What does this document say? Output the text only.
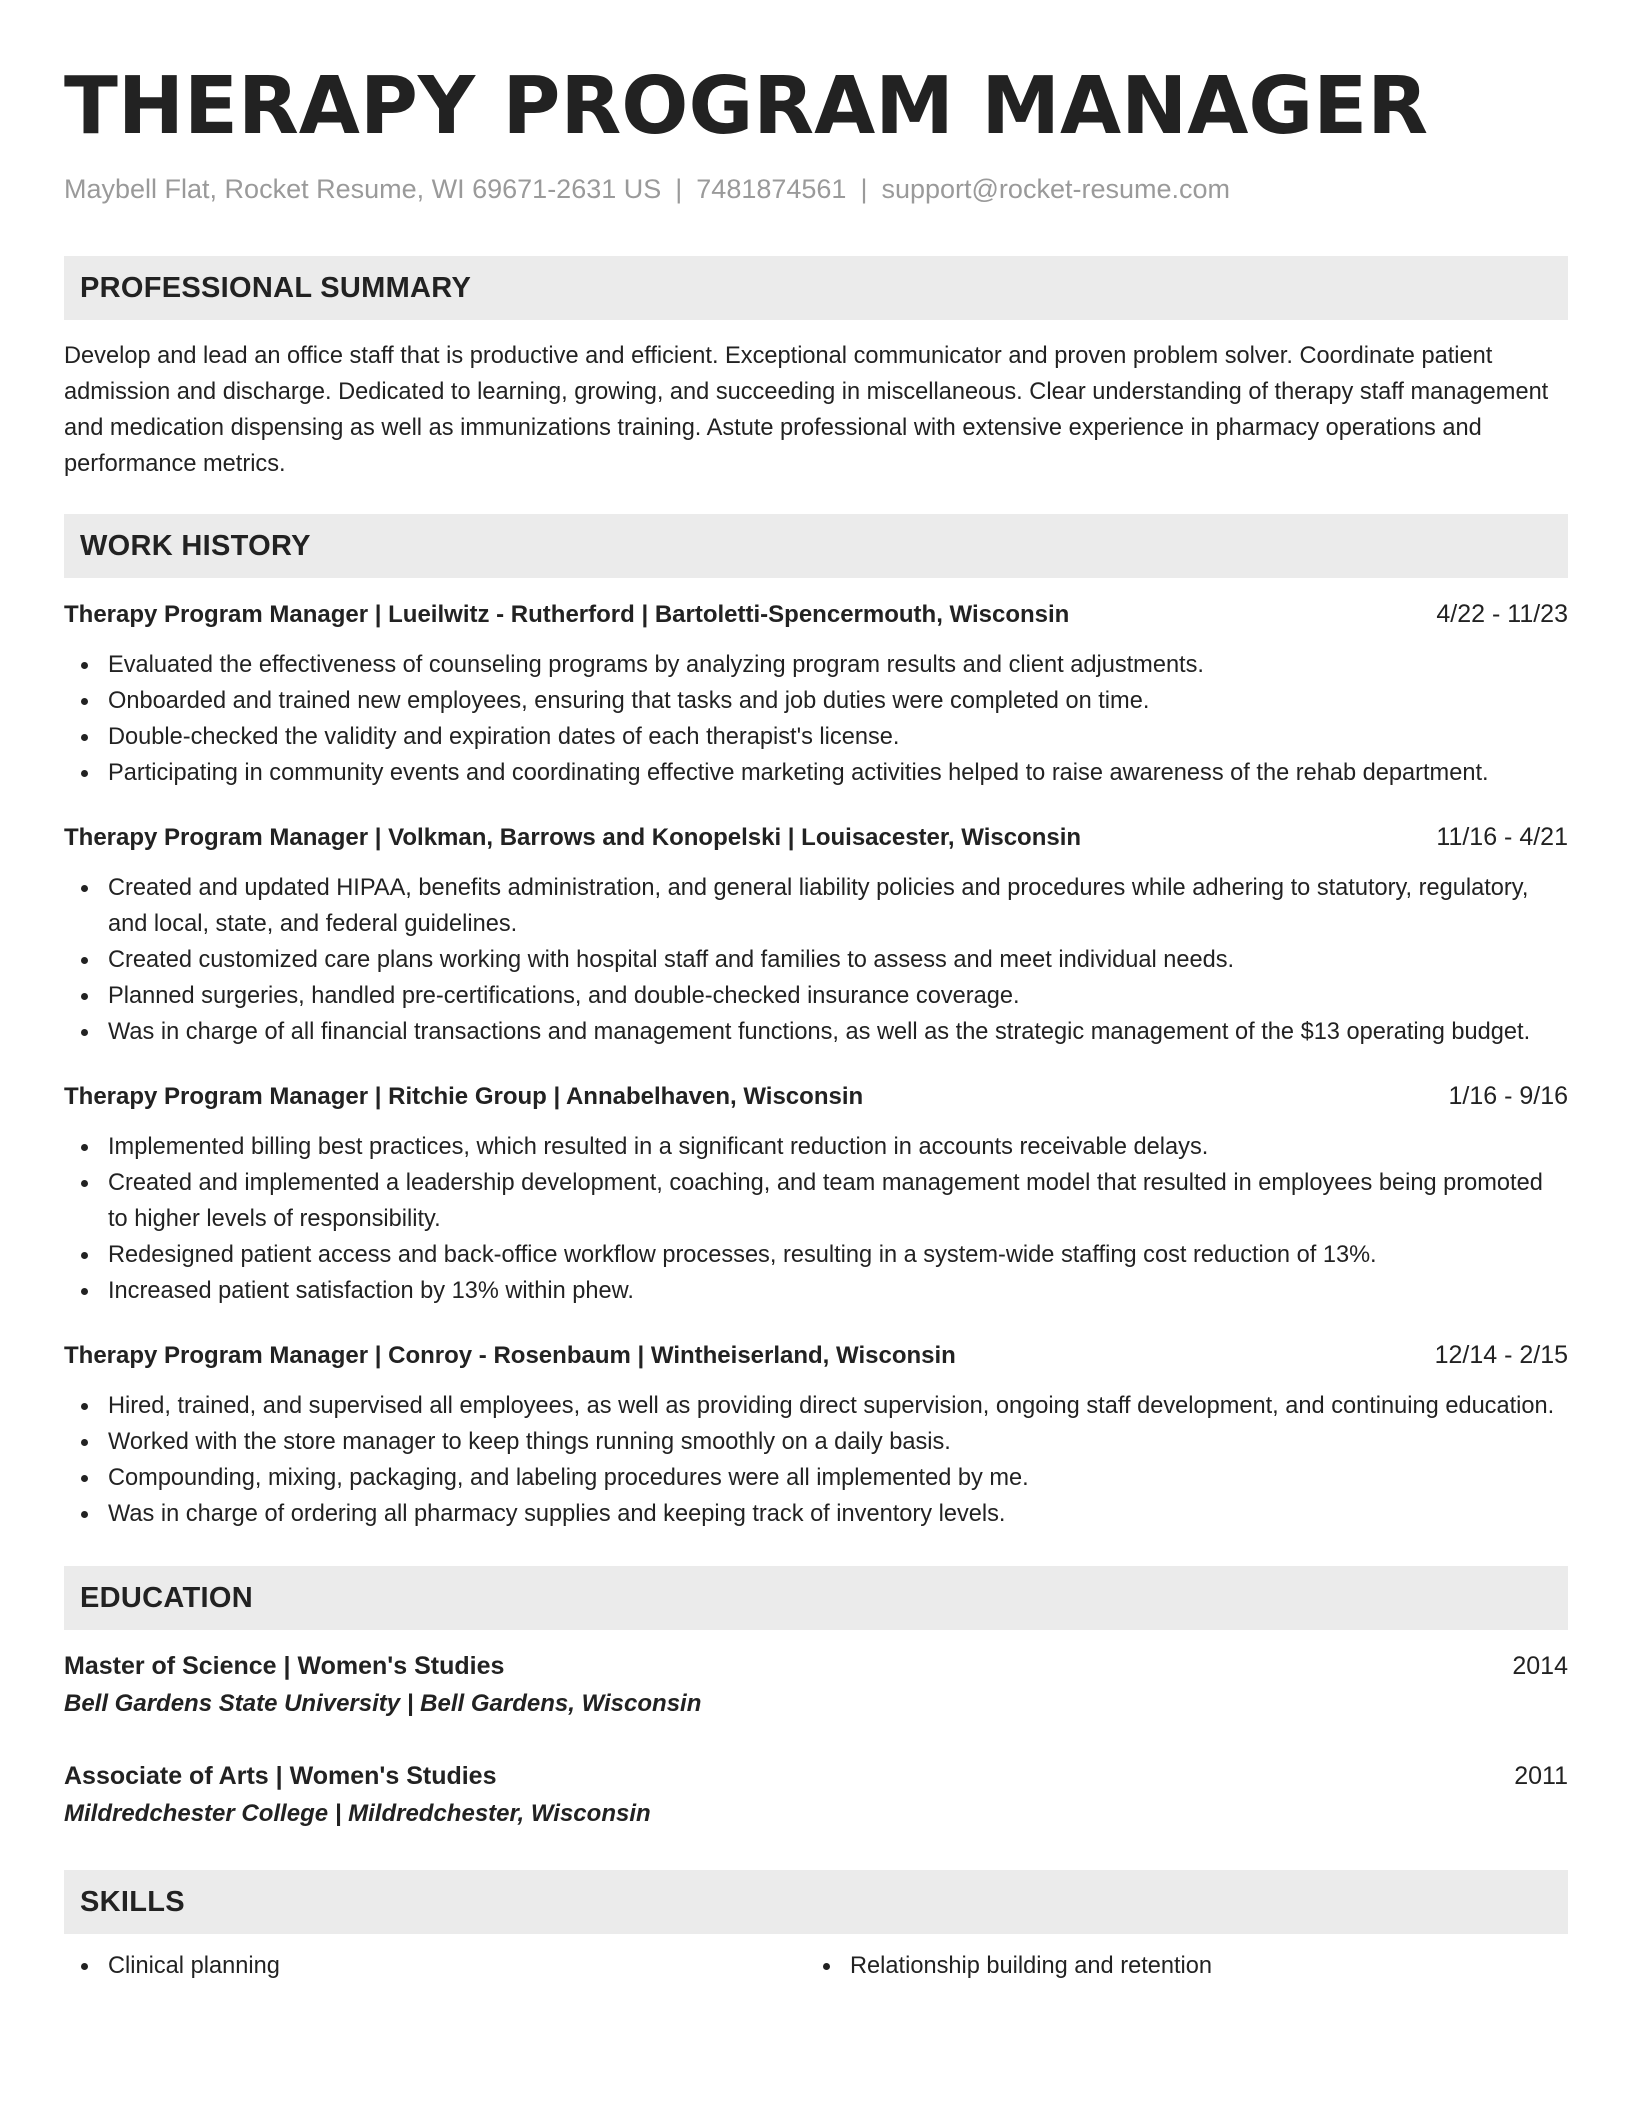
THERAPY PROGRAM MANAGER
Maybell Flat, Rocket Resume, WI 69671-2631 US | 7481874561 | support@rocket-resume.com
PROFESSIONAL SUMMARY
Develop and lead an office staff that is productive and efficient. Exceptional communicator and proven problem solver. Coordinate patient admission and discharge. Dedicated to learning, growing, and succeeding in miscellaneous. Clear understanding of therapy staff management and medication dispensing as well as immunizations training. Astute professional with extensive experience in pharmacy operations and performance metrics.
WORK HISTORY
Therapy Program Manager | Lueilwitz - Rutherford | Bartoletti-Spencermouth, Wisconsin	4/22 - 11/23
Evaluated the effectiveness of counseling programs by analyzing program results and client adjustments.
Onboarded and trained new employees, ensuring that tasks and job duties were completed on time.
Double-checked the validity and expiration dates of each therapist's license.
Participating in community events and coordinating effective marketing activities helped to raise awareness of the rehab department.
Therapy Program Manager | Volkman, Barrows and Konopelski | Louisacester, Wisconsin	11/16 - 4/21
Created and updated HIPAA, benefits administration, and general liability policies and procedures while adhering to statutory, regulatory, and local, state, and federal guidelines.
Created customized care plans working with hospital staff and families to assess and meet individual needs.
Planned surgeries, handled pre-certifications, and double-checked insurance coverage.
Was in charge of all financial transactions and management functions, as well as the strategic management of the $13 operating budget.
Therapy Program Manager | Ritchie Group | Annabelhaven, Wisconsin	1/16 - 9/16
Implemented billing best practices, which resulted in a significant reduction in accounts receivable delays.
Created and implemented a leadership development, coaching, and team management model that resulted in employees being promoted to higher levels of responsibility.
Redesigned patient access and back-office workflow processes, resulting in a system-wide staffing cost reduction of 13%.
Increased patient satisfaction by 13% within phew.
Therapy Program Manager | Conroy - Rosenbaum | Wintheiserland, Wisconsin	12/14 - 2/15
Hired, trained, and supervised all employees, as well as providing direct supervision, ongoing staff development, and continuing education.
Worked with the store manager to keep things running smoothly on a daily basis.
Compounding, mixing, packaging, and labeling procedures were all implemented by me.
Was in charge of ordering all pharmacy supplies and keeping track of inventory levels.
EDUCATION
Master of Science | Women's Studies	2014
Bell Gardens State University | Bell Gardens, Wisconsin
Associate of Arts | Women's Studies	2011
Mildredchester College | Mildredchester, Wisconsin
SKILLS
Clinical planning	Relationship building and retention
